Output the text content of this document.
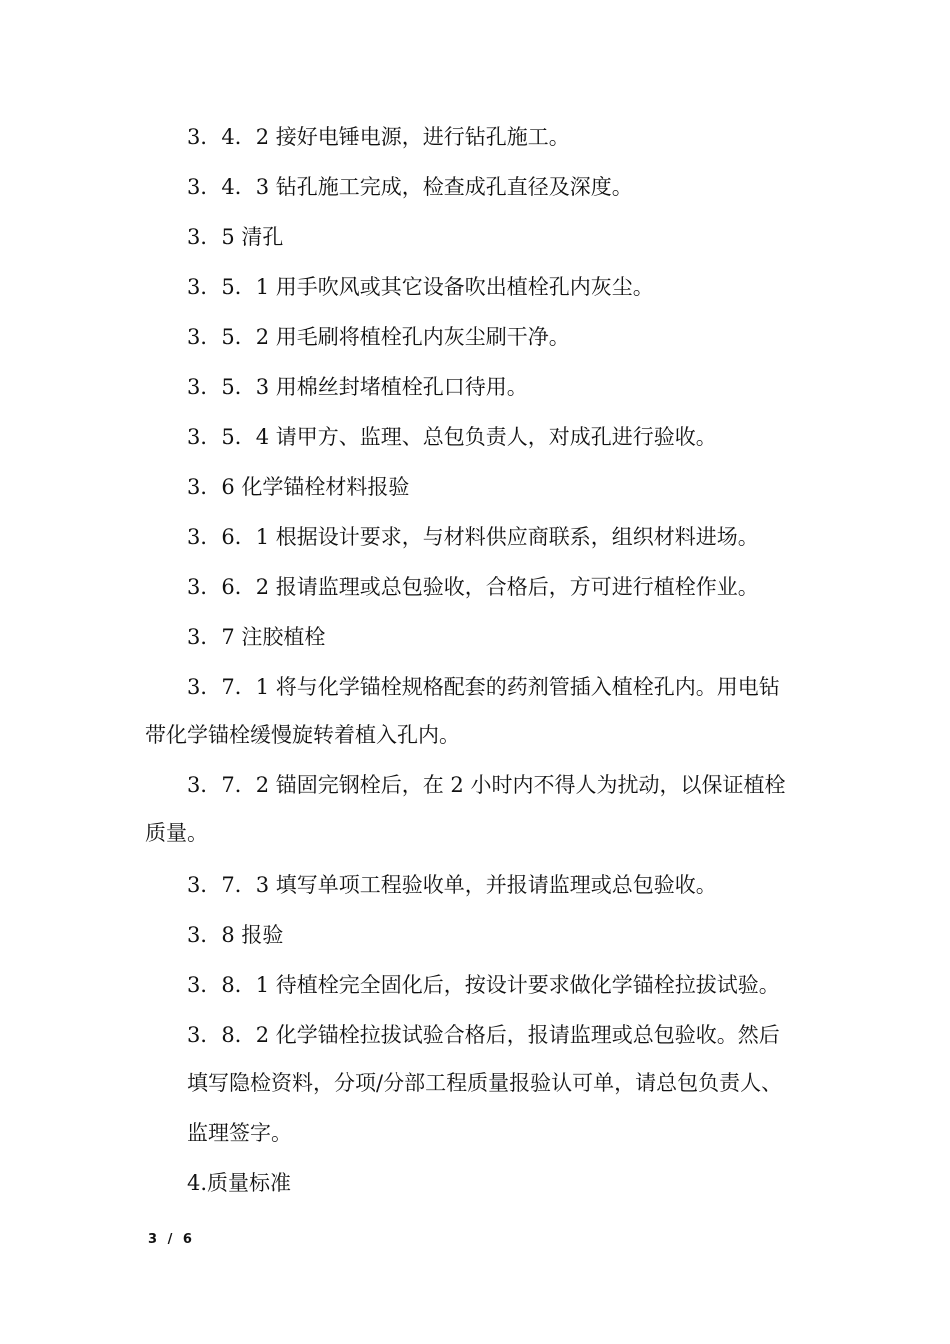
3．4．2 接好电锤电源，进行钻孔施工。
3．4．3 钻孔施工完成，检查成孔直径及深度。
3．5 清孔
3．5．1 用手吹风或其它设备吹出植栓孔内灰尘。
3．5．2 用毛刷将植栓孔内灰尘刷干净。
3．5．3 用棉丝封堵植栓孔口待用。
3．5．4 请甲方、监理、总包负责人，对成孔进行验收。
3．6 化学锚栓材料报验
3．6．1 根据设计要求，与材料供应商联系，组织材料进场。
3．6．2 报请监理或总包验收，合格后，方可进行植栓作业。
3．7 注胶植栓
3．7．1 将与化学锚栓规格配套的药剂管插入植栓孔内。用电钻
带化学锚栓缓慢旋转着植入孔内。
3．7．2 锚固完钢栓后，在 2 小时内不得人为扰动，以保证植栓
质量。
3．7．3 填写单项工程验收单，并报请监理或总包验收。
3．8 报验
3．8．1 待植栓完全固化后，按设计要求做化学锚栓拉拔试验。
3．8．2 化学锚栓拉拔试验合格后，报请监理或总包验收。然后
填写隐检资料，分项/分部工程质量报验认可单，请总包负责人、
监理签字。
4.质量标准
3 / 6
